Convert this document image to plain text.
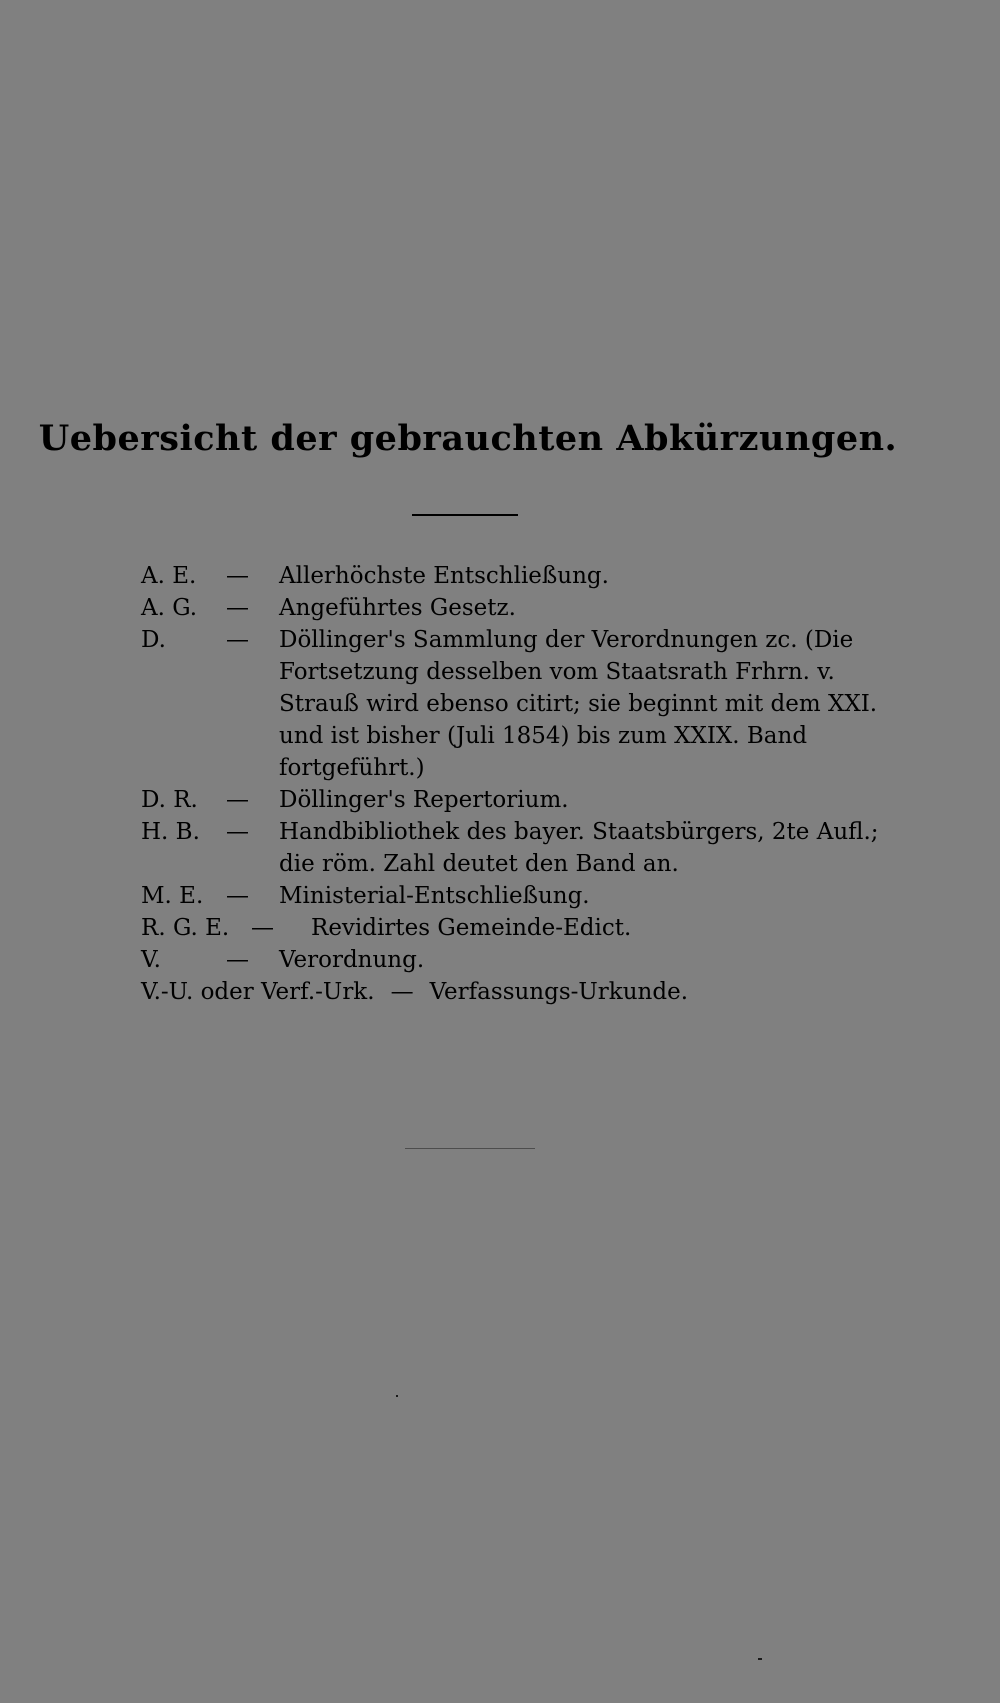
Uebersicht der gebrauchten Abkürzungen.
A. E. — Allerhöchste Entschließung.
A. G. — Angeführtes Gesetz.
D.	— Döllinger's Sammlung der Verordnungen zc. (Die Fortsetzung desselben vom Staatsrath Frhrn. v. Strauß wird ebenso citirt; sie beginnt mit dem XXI. und ist bisher (Juli 1854) bis zum XXIX. Band fortgeführt.)
D. R. — Döllinger's Repertorium.
H. B. — Handbibliothek des bayer. Staatsbürgers, 2te Aufl.; die röm. Zahl deutet den Band an.
M. E. — Ministerial-Entschließung.
R. G. E. — Revidirtes Gemeinde-Edict.
V.	— Verordnung.
V.-U. oder Verf.-Urk. — Verfassungs-Urkunde.
